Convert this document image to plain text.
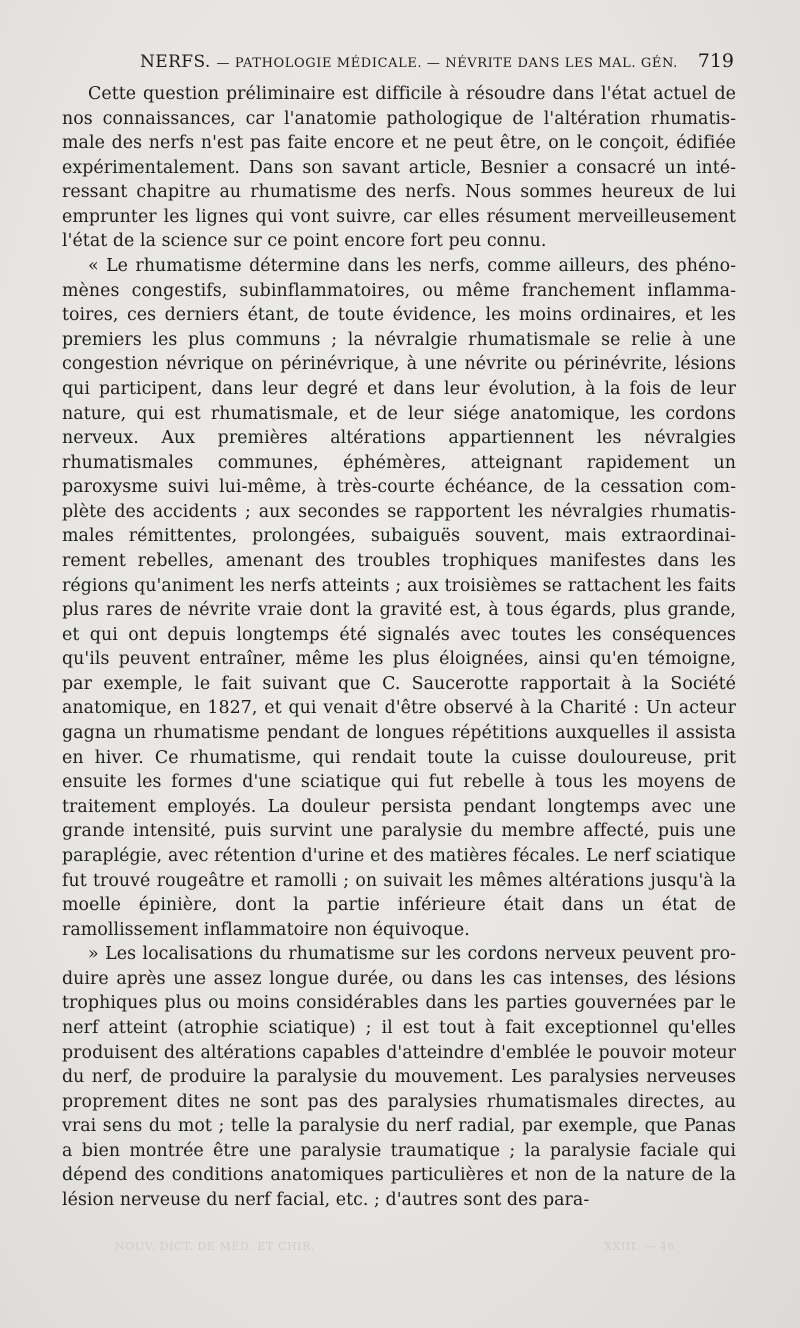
NERFS. — PATHOLOGIE MÉDICALE. — NÉVRITE DANS LES MAL. GÉN. 719

Cette question préliminaire est difficile à résoudre dans l'état actuel de nos connaissances, car l'anatomie pathologique de l'altération rhumatismale des nerfs n'est pas faite encore et ne peut être, on le conçoit, édifiée expérimentalement. Dans son savant article, Besnier a consacré un intéressant chapitre au rhumatisme des nerfs. Nous sommes heureux de lui emprunter les lignes qui vont suivre, car elles résument merveilleusement l'état de la science sur ce point encore fort peu connu.

« Le rhumatisme détermine dans les nerfs, comme ailleurs, des phénomènes congestifs, subinflammatoires, ou même franchement inflammatoires, ces derniers étant, de toute évidence, les moins ordinaires, et les premiers les plus communs ; la névralgie rhumatismale se relie à une congestion névrique on périnévrique, à une névrite ou périnévrite, lésions qui participent, dans leur degré et dans leur évolution, à la fois de leur nature, qui est rhumatismale, et de leur siége anatomique, les cordons nerveux. Aux premières altérations appartiennent les névralgies rhumatismales communes, éphémères, atteignant rapidement un paroxysme suivi lui-même, à très-courte échéance, de la cessation complète des accidents ; aux secondes se rapportent les névralgies rhumatismales rémittentes, prolongées, subaiguës souvent, mais extraordinairement rebelles, amenant des troubles trophiques manifestes dans les régions qu'animent les nerfs atteints ; aux troisièmes se rattachent les faits plus rares de névrite vraie dont la gravité est, à tous égards, plus grande, et qui ont depuis longtemps été signalés avec toutes les conséquences qu'ils peuvent entraîner, même les plus éloignées, ainsi qu'en témoigne, par exemple, le fait suivant que C. Saucerotte rapportait à la Société anatomique, en 1827, et qui venait d'être observé à la Charité : Un acteur gagna un rhumatisme pendant de longues répétitions auxquelles il assista en hiver. Ce rhumatisme, qui rendait toute la cuisse douloureuse, prit ensuite les formes d'une sciatique qui fut rebelle à tous les moyens de traitement employés. La douleur persista pendant longtemps avec une grande intensité, puis survint une paralysie du membre affecté, puis une paraplégie, avec rétention d'urine et des matières fécales. Le nerf sciatique fut trouvé rougeâtre et ramolli ; on suivait les mêmes altérations jusqu'à la moelle épinière, dont la partie inférieure était dans un état de ramollissement inflammatoire non équivoque.

» Les localisations du rhumatisme sur les cordons nerveux peuvent produire après une assez longue durée, ou dans les cas intenses, des lésions trophiques plus ou moins considérables dans les parties gouvernées par le nerf atteint (atrophie sciatique) ; il est tout à fait exceptionnel qu'elles produisent des altérations capables d'atteindre d'emblée le pouvoir moteur du nerf, de produire la paralysie du mouvement. Les paralysies nerveuses proprement dites ne sont pas des paralysies rhumatismales directes, au vrai sens du mot ; telle la paralysie du nerf radial, par exemple, que Panas a bien montrée être une paralysie traumatique ; la paralysie faciale qui dépend des conditions anatomiques particulières et non de la nature de la lésion nerveuse du nerf facial, etc. ; d'autres sont des para-

NOUV. DICT. DE MÉD. ET CHIR.	XXIII. — 46
